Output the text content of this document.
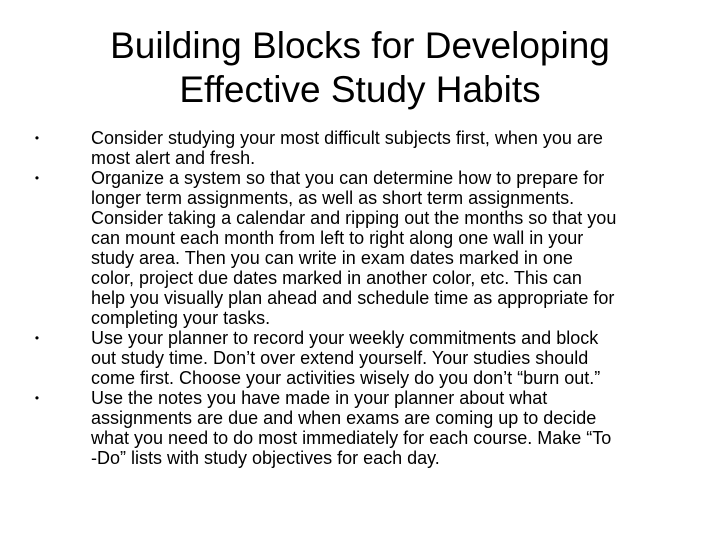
Building Blocks for Developing
Effective Study Habits
•	Consider studying your most difficult subjects first, when you are
most alert and fresh.
•	Organize a system so that you can determine how to prepare for
longer term assignments, as well as short term assignments.
Consider taking a calendar and ripping out the months so that you
can mount each month from left to right along one wall in your
study area. Then you can write in exam dates marked in one
color, project due dates marked in another color, etc. This can
help you visually plan ahead and schedule time as appropriate for
completing your tasks.
•	Use your planner to record your weekly commitments and block
out study time. Don’t over extend yourself. Your studies should
come first. Choose your activities wisely do you don’t “burn out.”
•	Use the notes you have made in your planner about what
assignments are due and when exams are coming up to decide
what you need to do most immediately for each course. Make “To
-Do” lists with study objectives for each day.
